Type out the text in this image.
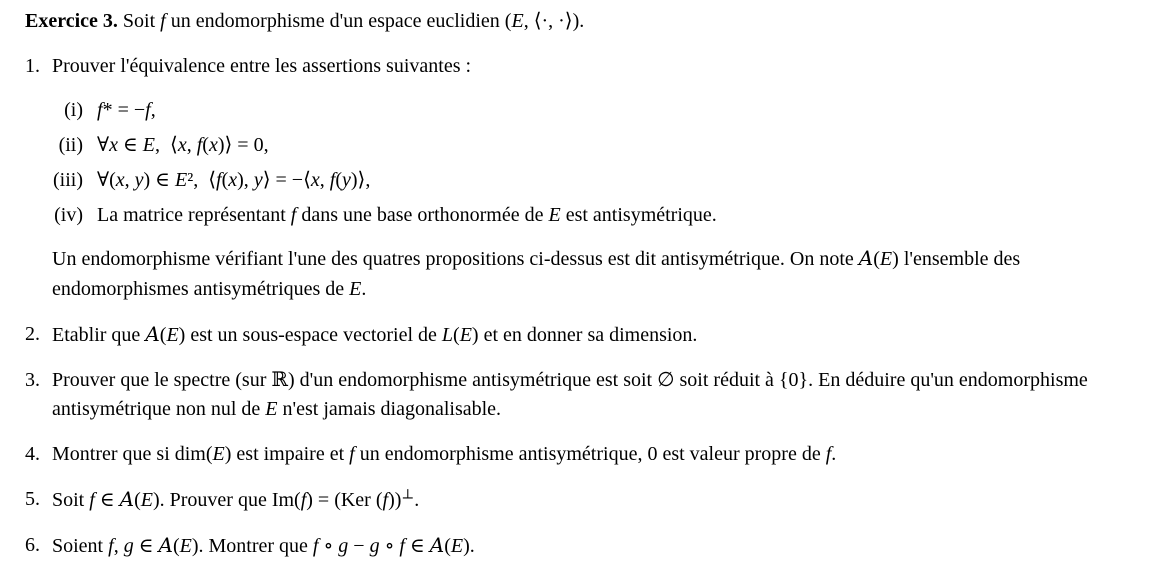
Exercice 3. Soit f un endomorphisme d'un espace euclidien (E, ⟨·, ·⟩).
1. Prouver l'équivalence entre les assertions suivantes :
(i) f* = −f,
(ii) ∀x ∈ E,  ⟨x, f(x)⟩ = 0,
(iii) ∀(x, y) ∈ E²,  ⟨f(x), y⟩ = −⟨x, f(y)⟩,
(iv) La matrice représentant f dans une base orthonormée de E est antisymétrique.
Un endomorphisme vérifiant l'une des quatres propositions ci-dessus est dit antisymétrique. On note A(E) l'ensemble des endomorphismes antisymétriques de E.
2. Etablir que A(E) est un sous-espace vectoriel de L(E) et en donner sa dimension.
3. Prouver que le spectre (sur ℝ) d'un endomorphisme antisymétrique est soit ∅ soit réduit à {0}. En déduire qu'un endomorphisme antisymétrique non nul de E n'est jamais diagonalisable.
4. Montrer que si dim(E) est impaire et f un endomorphisme antisymétrique, 0 est valeur propre de f.
5. Soit f ∈ A(E). Prouver que Im(f) = (Ker (f))⊥.
6. Soient f, g ∈ A(E). Montrer que f ∘ g − g ∘ f ∈ A(E).
